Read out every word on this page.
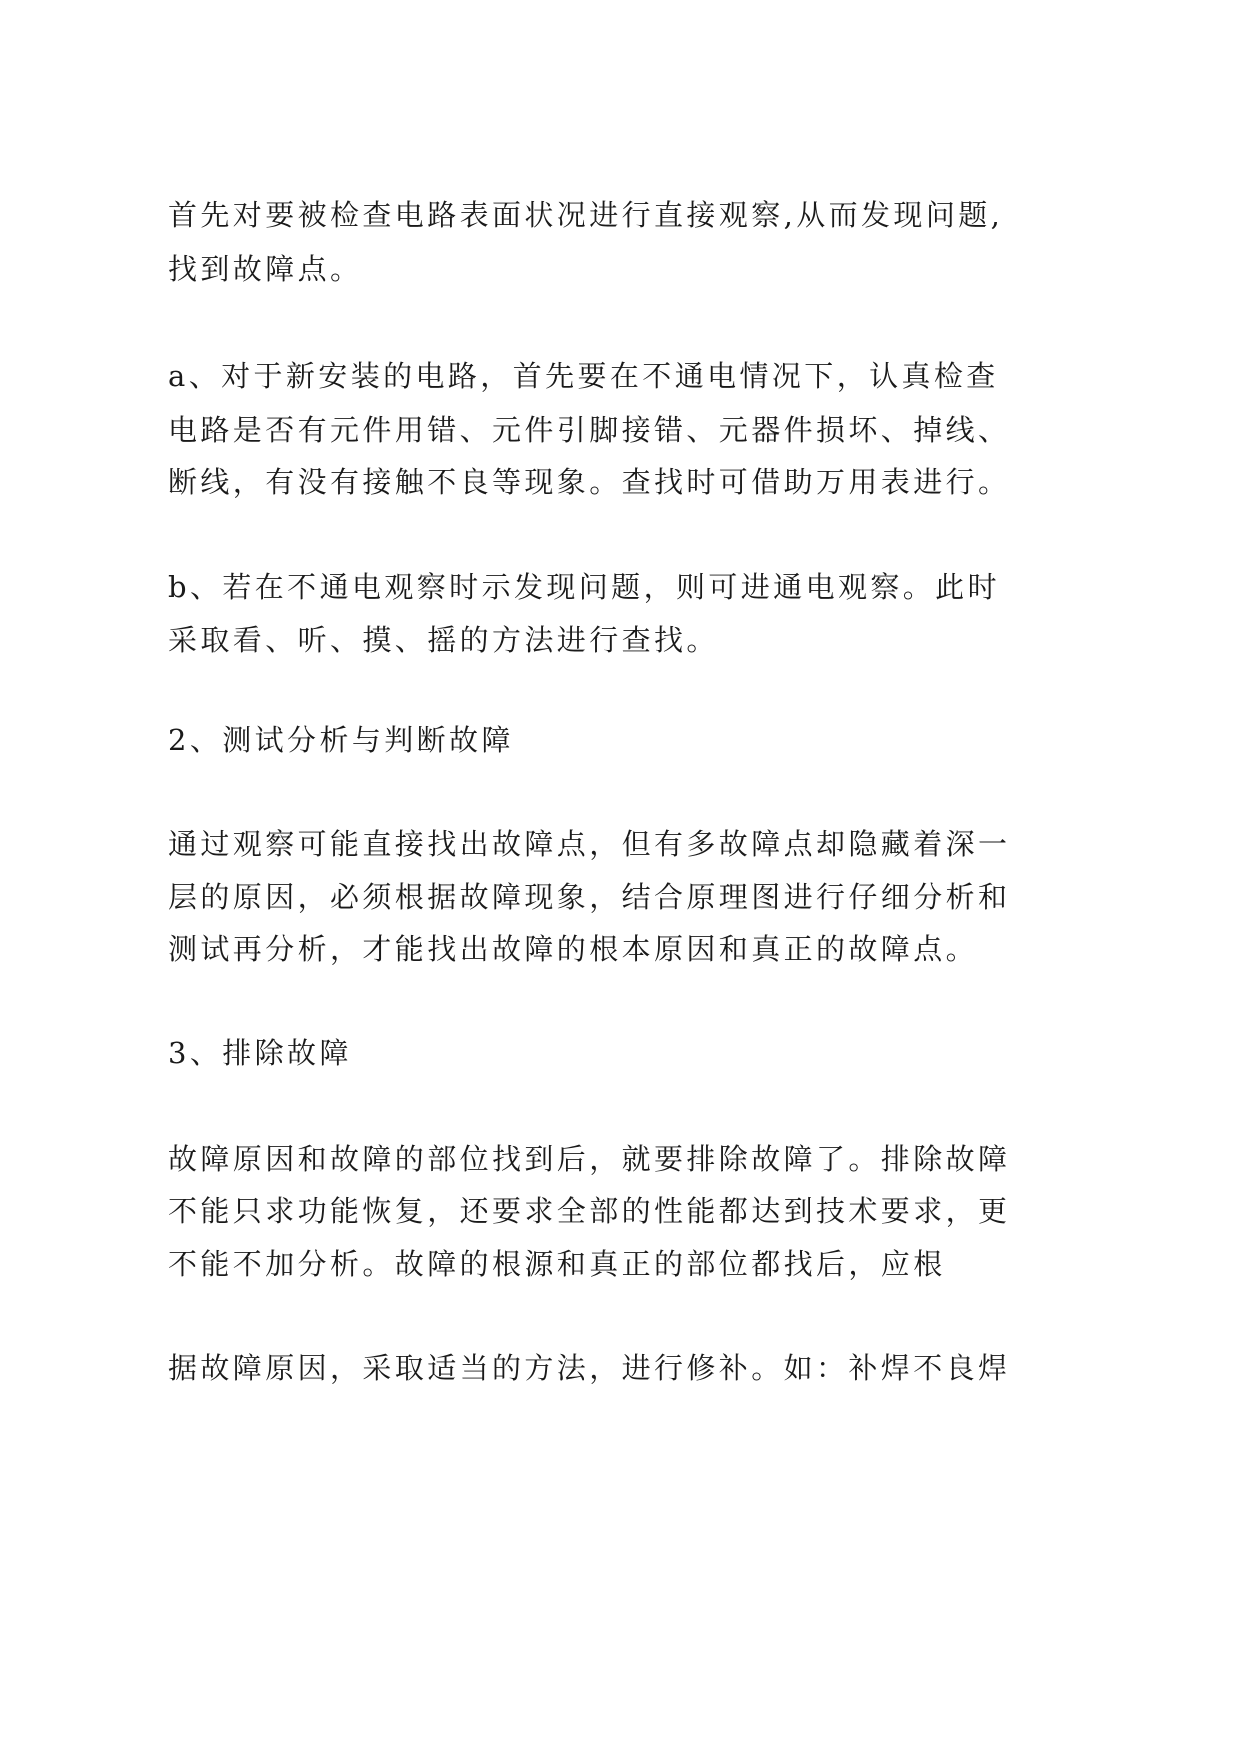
首先对要被检查电路表面状况进行直接观察,从而发现问题,
找到故障点。
a、对于新安装的电路，首先要在不通电情况下，认真检查
电路是否有元件用错、元件引脚接错、元器件损坏、掉线、
断线，有没有接触不良等现象。查找时可借助万用表进行。
b、若在不通电观察时示发现问题，则可进通电观察。此时
采取看、听、摸、摇的方法进行查找。
2、测试分析与判断故障
通过观察可能直接找出故障点，但有多故障点却隐藏着深一
层的原因，必须根据故障现象，结合原理图进行仔细分析和
测试再分析，才能找出故障的根本原因和真正的故障点。
3、排除故障
故障原因和故障的部位找到后，就要排除故障了。排除故障
不能只求功能恢复，还要求全部的性能都达到技术要求，更
不能不加分析。故障的根源和真正的部位都找后，应根
据故障原因，采取适当的方法，进行修补。如：补焊不良焊
